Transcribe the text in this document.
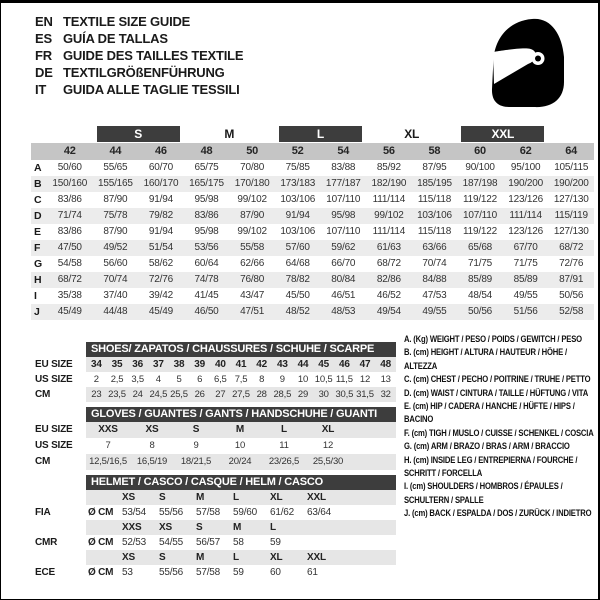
EN TEXTILE SIZE GUIDE
ES GUÍA DE TALLAS
FR GUIDE DES TAILLES TEXTILE
DE TEXTILGRÖßENFÜHRUNG
IT	GUIDA ALLE TAGLIE TESSILI
S	M	L	XL	XXL
42	44	46	48	50	52	54	56	58	60	62	64
A	50/60	55/65	60/70	65/75	70/80	75/85	83/88	85/92	87/95	90/100	95/100	105/115
B	150/160	155/165	160/170	165/175	170/180	173/183	177/187	182/190	185/195	187/198	190/200	190/200
C	83/86	87/90	91/94	95/98	99/102	103/106	107/110	111/114	115/118	119/122	123/126	127/130
D	71/74	75/78	79/82	83/86	87/90	91/94	95/98	99/102	103/106	107/110	111/114	115/119
E	83/86	87/90	91/94	95/98	99/102	103/106	107/110	111/114	115/118	119/122	123/126	127/130
F	47/50	49/52	51/54	53/56	55/58	57/60	59/62	61/63	63/66	65/68	67/70	68/72
G	54/58	56/60	58/62	60/64	62/66	64/68	66/70	68/72	70/74	71/75	71/75	72/76
H	68/72	70/74	72/76	74/78	76/80	78/82	80/84	82/86	84/88	85/89	85/89	87/91
I	35/38	37/40	39/42	41/45	43/47	45/50	46/51	46/52	47/53	48/54	49/55	50/56
J	45/49	44/48	45/49	46/50	47/51	48/52	48/53	49/54	49/55	50/56	51/56	52/58
SHOES/ ZAPATOS / CHAUSSURES / SCHUHE / SCARPE
EU SIZE	34 35 36 37 38 39 40 41 42 43 44 45 46 47 48
US SIZE	2	2,5 3,5	4	5	6	6,5 7,5	8	9	10 10,5 11,5 12	13
CM	23 23,5 24 24,5 25,5 26	27 27,5 28 28,5 29	30 30,5 31,5 32
GLOVES / GUANTES / GANTS / HANDSCHUHE / GUANTI
EU SIZE	XXS	XS	S	M	L	XL
US SIZE	7	8	9	10	11	12
CM	12,5/16,5	16,5/19	18/21,5	20/24	23/26,5	25,5/30
HELMET / CASCO / CASQUE / HELM / CASCO
XS	S	M	L	XL	XXL
FIA	Ø CM 53/54	55/56	57/58	59/60	61/62	63/64
XXS	XS	S	M	L
CMR	Ø CM 52/53	54/55	56/57	58	59
XS	S	M	L	XL	XXL
ECE	Ø CM 53	55/56	57/58	59	60	61
A. (Kg) WEIGHT / PESO / POIDS / GEWITCH / PESO
B. (cm) HEIGHT / ALTURA / HAUTEUR / HÖHE / ALTEZZA
C. (cm) CHEST / PECHO / POITRINE / TRUHE / PETTO
D. (cm) WAIST / CINTURA / TAILLE / HÜFTUNG / VITA
E. (cm) HIP / CADERA / HANCHE / HÜFTE / HIPS / BACINO
F. (cm) TIGH / MUSLO / CUISSE / SCHENKEL / COSCIA
G. (cm) ARM / BRAZO / BRAS / ARM / BRACCIO
H. (cm) INSIDE LEG / ENTREPIERNA / FOURCHE / SCHRITT / FORCELLA
I. (cm) SHOULDERS / HOMBROS / ÉPAULES / SCHULTERN / SPALLE
J. (cm) BACK / ESPALDA / DOS / ZURÜCK / INDIETRO
